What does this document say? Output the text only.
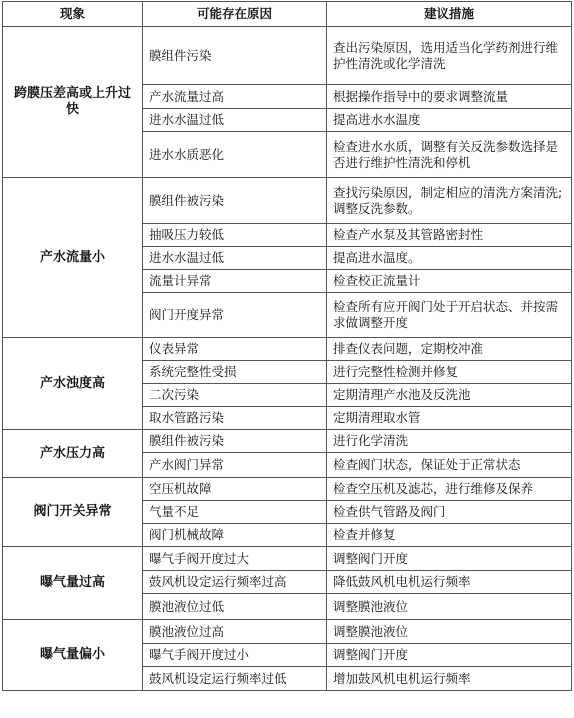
现象	可能存在原因	建议措施
跨膜压差高或上升过快	膜组件污染	查出污染原因，选用适当化学药剂进行维护性清洗或化学清洗
	产水流量过高	根据操作指导中的要求调整流量
	进水水温过低	提高进水水温度
	进水水质恶化	检查进水水质，调整有关反洗参数选择是否进行维护性清洗和停机
产水流量小	膜组件被污染	查找污染原因，制定相应的清洗方案清洗;调整反洗参数。
	抽吸压力较低	检查产水泵及其管路密封性
	进水水温过低	提高进水温度。
	流量计异常	检查校正流量计
	阀门开度异常	检查所有应开阀门处于开启状态、并按需求做调整开度
产水浊度高	仪表异常	排查仪表问题，定期校冲准
	系统完整性受损	进行完整性检测并修复
	二次污染	定期清理产水池及反洗池
	取水管路污染	定期清理取水管
产水压力高	膜组件被污染	进行化学清洗
	产水阀门异常	检查阀门状态，保证处于正常状态
阀门开关异常	空压机故障	检查空压机及滤芯，进行维修及保养
	气量不足	检查供气管路及阀门
	阀门机械故障	检查并修复
曝气量过高	曝气手阀开度过大	调整阀门开度
	鼓风机设定运行频率过高	降低鼓风机电机运行频率
	膜池液位过低	调整膜池液位
曝气量偏小	膜池液位过高	调整膜池液位
	曝气手阀开度过小	调整阀门开度
	鼓风机设定运行频率过低	增加鼓风机电机运行频率
